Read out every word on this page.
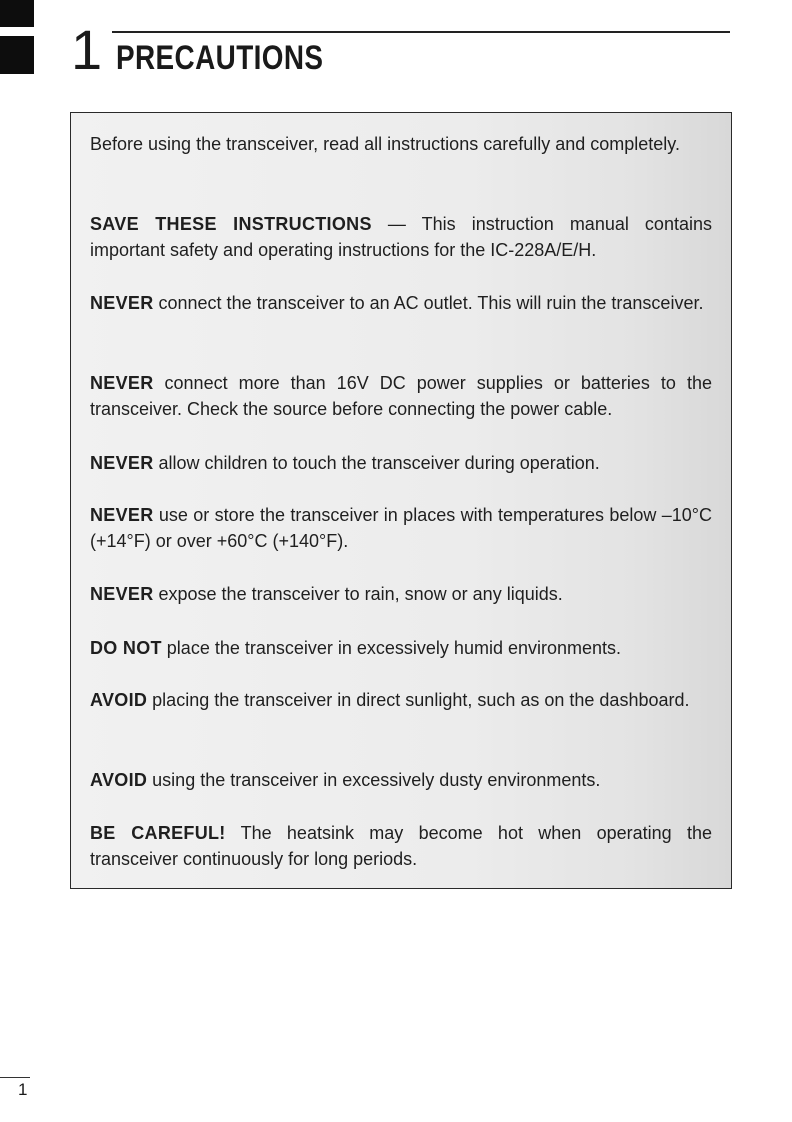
1 PRECAUTIONS

Before using the transceiver, read all instructions carefully and completely.

SAVE THESE INSTRUCTIONS — This instruction manual contains important safety and operating instructions for the IC-228A/E/H.

NEVER connect the transceiver to an AC outlet. This will ruin the transceiver.

NEVER connect more than 16V DC power supplies or batteries to the transceiver. Check the source before connecting the power cable.

NEVER allow children to touch the transceiver during operation.

NEVER use or store the transceiver in places with temperatures below –10°C (+14°F) or over +60°C (+140°F).

NEVER expose the transceiver to rain, snow or any liquids.

DO NOT place the transceiver in excessively humid environments.

AVOID placing the transceiver in direct sunlight, such as on the dashboard.

AVOID using the transceiver in excessively dusty environments.

BE CAREFUL! The heatsink may become hot when operating the transceiver continuously for long periods.

1
